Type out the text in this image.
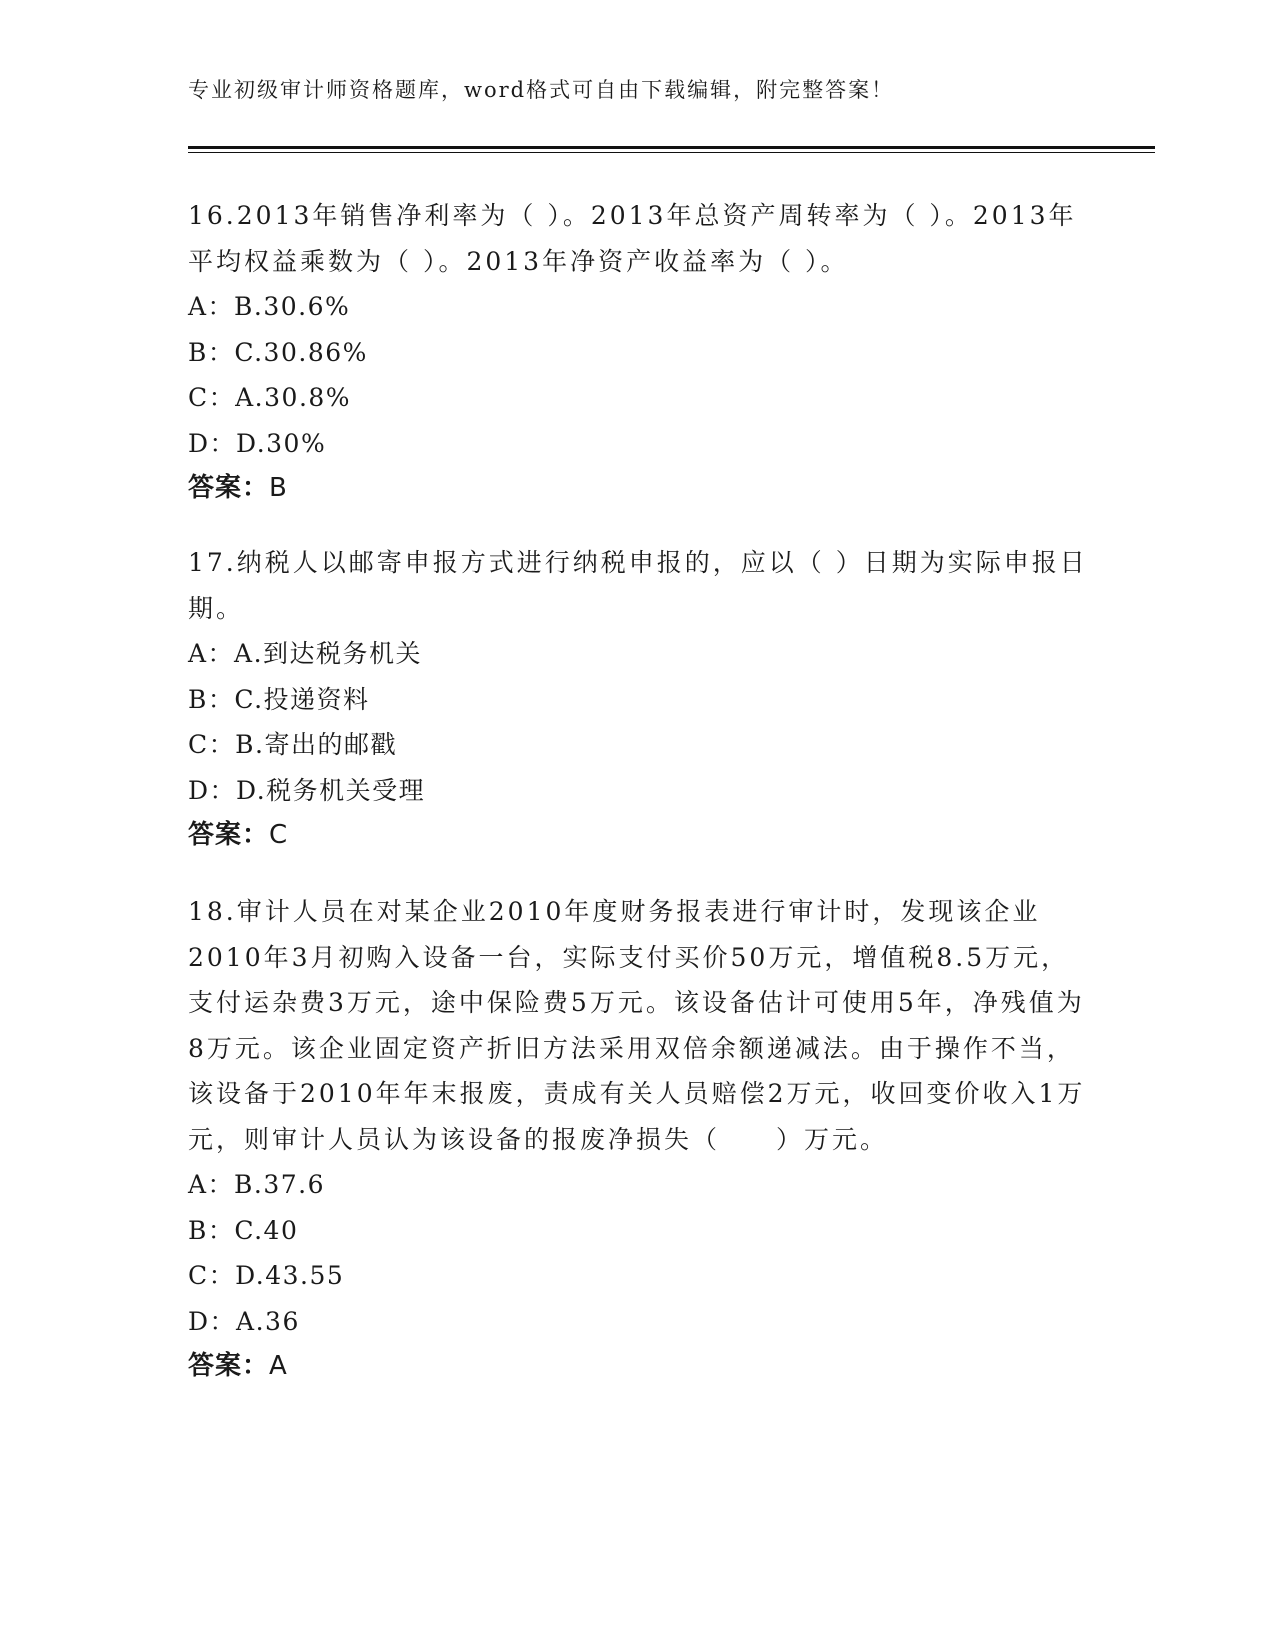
专业初级审计师资格题库，word格式可自由下载编辑，附完整答案！

16.2013年销售净利率为（ ）。2013年总资产周转率为（ ）。2013年平均权益乘数为（ ）。2013年净资产收益率为（ ）。

A：B.30.6%

B：C.30.86%

C：A.30.8%

D：D.30%

答案：B

17.纳税人以邮寄申报方式进行纳税申报的，应以（ ）日期为实际申报日期。

A：A.到达税务机关

B：C.投递资料

C：B.寄出的邮戳

D：D.税务机关受理

答案：C

18.审计人员在对某企业2010年度财务报表进行审计时，发现该企业2010年3月初购入设备一台，实际支付买价50万元，增值税8.5万元，支付运杂费3万元，途中保险费5万元。该设备估计可使用5年，净残值为8万元。该企业固定资产折旧方法采用双倍余额递减法。由于操作不当，该设备于2010年年末报废，责成有关人员赔偿2万元，收回变价收入1万元，则审计人员认为该设备的报废净损失（　　）万元。

A：B.37.6

B：C.40

C：D.43.55

D：A.36

答案：A
